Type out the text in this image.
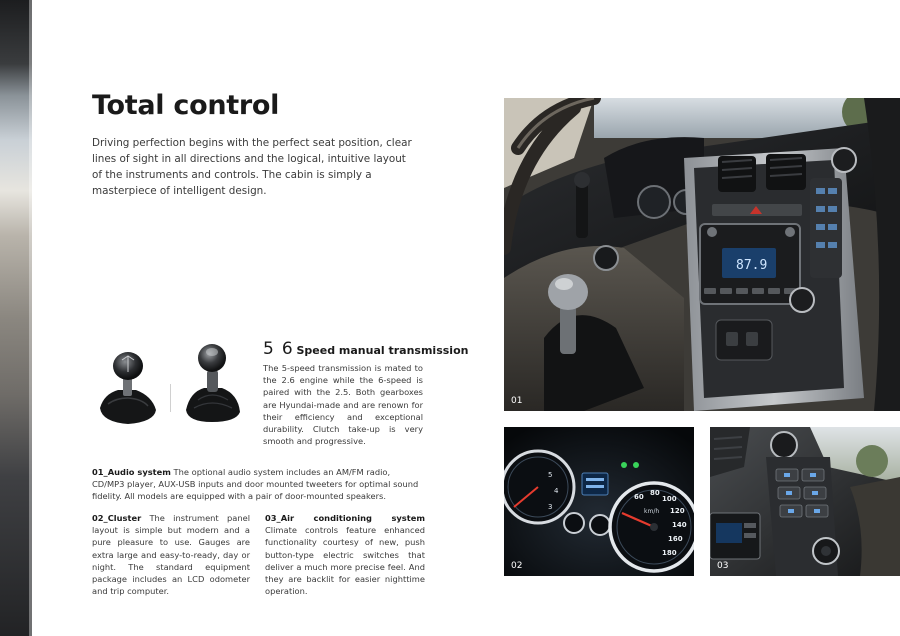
Total control

Driving perfection begins with the perfect seat position, clear lines of sight in all directions and the logical, intuitive layout of the instruments and controls. The cabin is simply a masterpiece of intelligent design.

5 6 Speed manual transmission

The 5-speed transmission is mated to the 2.6 engine while the 6-speed is paired with the 2.5. Both gearboxes are Hyundai-made and are renown for their efficiency and exceptional durability. Clutch take-up is very smooth and progressive.

01_Audio system The optional audio system includes an AM/FM radio, CD/MP3 player, AUX-USB inputs and door mounted tweeters for optimal sound fidelity. All models are equipped with a pair of door-mounted speakers.

02_Cluster The instrument panel layout is simple but modern and a pure pleasure to use. Gauges are extra large and easy-to-ready, day or night. The standard equipment package includes an LCD odometer and trip computer.

03_Air conditioning system Climate controls feature enhanced functionality courtesy of new, push button-type electric switches that deliver a much more precise feel. And they are backlit for easier nighttime operation.

87.9
01
5
4
3
60 80
100
120
140
160
180
km/h
02	03
